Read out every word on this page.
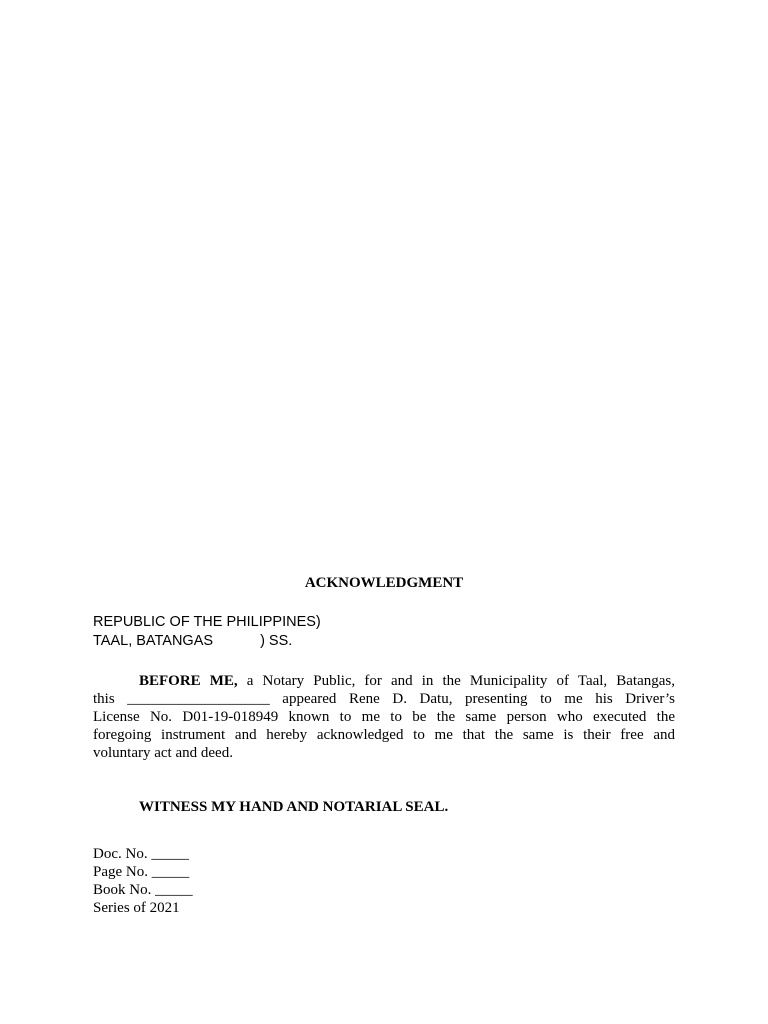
ACKNOWLEDGMENT
REPUBLIC OF THE PHILIPPINES)
TAAL, BATANGAS	) SS.
BEFORE ME, a Notary Public, for and in the Municipality of Taal, Batangas,
this ___________________ appeared Rene D. Datu, presenting to me his Driver’s
License No. D01-19-018949 known to me to be the same person who executed the
foregoing instrument and hereby acknowledged to me that the same is their free and
voluntary act and deed.
WITNESS MY HAND AND NOTARIAL SEAL.
Doc. No. _____
Page No. _____
Book No. _____
Series of 2021
